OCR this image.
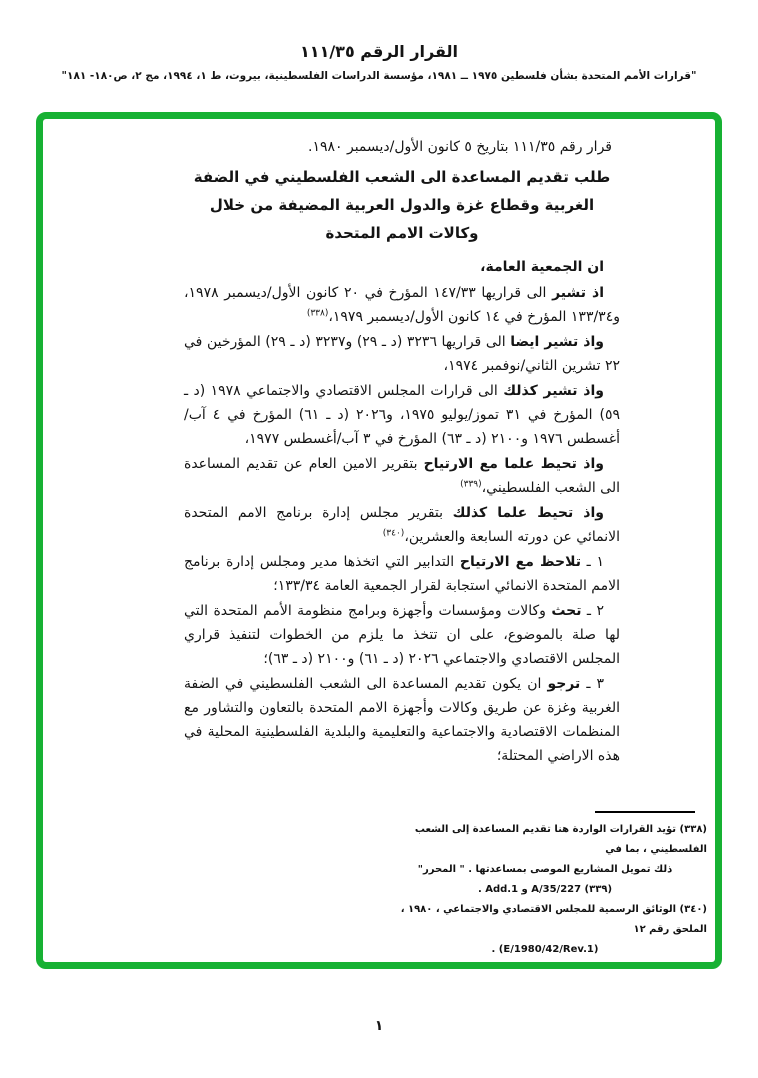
القرار الرقم ١١١/٣٥
"قرارات الأمم المتحدة بشأن فلسطين ١٩٧٥ ــ ١٩٨١، مؤسسة الدراسات الفلسطينية، بيروت، ط ١، ١٩٩٤، مج ٢، ص١٨٠- ١٨١"

قرار رقم ١١١/٣٥ بتاريخ ٥ كانون الأول/ديسمبر ١٩٨٠.

طلب تقديم المساعدة الى الشعب الفلسطيني في الضفة
الغربية وقطاع غزة والدول العربية المضيفة من خلال
وكالات الامم المتحدة

ان الجمعية العامة،

اذ تشير الى قراريها ١٤٧/٣٣ المؤرخ في ٢٠ كانون الأول/ديسمبر ١٩٧٨، و١٣٣/٣٤ المؤرخ في ١٤ كانون الأول/ديسمبر ١٩٧٩،$^{(٣٣٨)}$

واذ تشير ايضا الى قراريها ٣٢٣٦ (د ـ ٢٩) و٣٢٣٧ (د ـ ٢٩) المؤرخين في ٢٢ تشرين الثاني/نوفمبر ١٩٧٤،

واذ تشير كذلك الى قرارات المجلس الاقتصادي والاجتماعي ١٩٧٨ (د ـ ٥٩) المؤرخ في ٣١ تموز/يوليو ١٩٧٥، و٢٠٢٦ (د ـ ٦١) المؤرخ في ٤ آب/أغسطس ١٩٧٦ و٢١٠٠ (د ـ ٦٣) المؤرخ في ٣ آب/أغسطس ١٩٧٧،

واذ تحيط علما مع الارتياح بتقرير الامين العام عن تقديم المساعدة الى الشعب الفلسطيني،$^{(٣٣٩)}$

واذ تحيط علما كذلك بتقرير مجلس إدارة برنامج الامم المتحدة الانمائي عن دورته السابعة والعشرين،$^{(٣٤٠)}$

١ ـ تلاحظ مع الارتياح التدابير التي اتخذها مدير ومجلس إدارة برنامج الامم المتحدة الانمائي استجابة لقرار الجمعية العامة ١٣٣/٣٤؛

٢ ـ تحث وكالات ومؤسسات وأجهزة وبرامج منظومة الأمم المتحدة التي لها صلة بالموضوع، على ان تتخذ ما يلزم من الخطوات لتنفيذ قراري المجلس الاقتصادي والاجتماعي ٢٠٢٦ (د ـ ٦١) و٢١٠٠ (د ـ ٦٣)؛

٣ ـ ترجو ان يكون تقديم المساعدة الى الشعب الفلسطيني في الضفة الغربية وغزة عن طريق وكالات وأجهزة الامم المتحدة بالتعاون والتشاور مع المنظمات الاقتصادية والاجتماعية والتعليمية والبلدية الفلسطينية المحلية في هذه الاراضي المحتلة؛

(٣٣٨) تؤيد القرارات الواردة هنا تقديم المساعدة إلى الشعب الفلسطيني ، بما في
ذلك تمويل المشاريع الموصى بمساعدتها . " المحرر"
(٣٣٩) A/35/227 و Add.1 .
(٣٤٠) الوثائق الرسمية للمجلس الاقتصادي والاجتماعي ، ١٩٨٠ ، الملحق رقم ١٢
(E/1980/42/Rev.1) .
١
